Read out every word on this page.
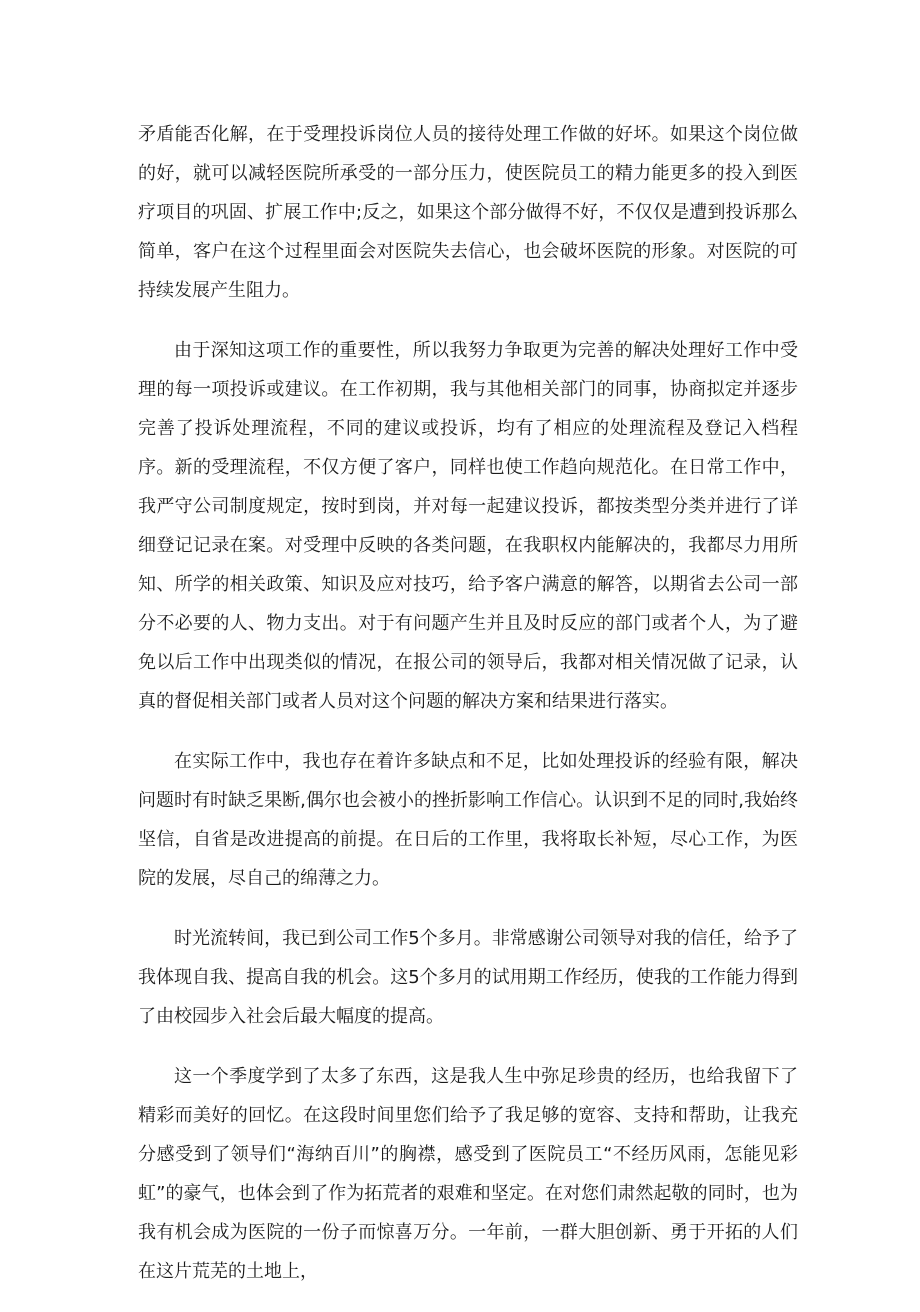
矛盾能否化解，在于受理投诉岗位人员的接待处理工作做的好坏。如果这个岗位做的好，就可以减轻医院所承受的一部分压力，使医院员工的精力能更多的投入到医疗项目的巩固、扩展工作中;反之，如果这个部分做得不好，不仅仅是遭到投诉那么简单，客户在这个过程里面会对医院失去信心，也会破坏医院的形象。对医院的可持续发展产生阻力。

由于深知这项工作的重要性，所以我努力争取更为完善的解决处理好工作中受理的每一项投诉或建议。在工作初期，我与其他相关部门的同事，协商拟定并逐步完善了投诉处理流程，不同的建议或投诉，均有了相应的处理流程及登记入档程序。新的受理流程，不仅方便了客户，同样也使工作趋向规范化。在日常工作中，我严守公司制度规定，按时到岗，并对每一起建议投诉，都按类型分类并进行了详细登记记录在案。对受理中反映的各类问题，在我职权内能解决的，我都尽力用所知、所学的相关政策、知识及应对技巧，给予客户满意的解答，以期省去公司一部分不必要的人、物力支出。对于有问题产生并且及时反应的部门或者个人，为了避免以后工作中出现类似的情况，在报公司的领导后，我都对相关情况做了记录，认真的督促相关部门或者人员对这个问题的解决方案和结果进行落实。

在实际工作中，我也存在着许多缺点和不足，比如处理投诉的经验有限，解决问题时有时缺乏果断,偶尔也会被小的挫折影响工作信心。认识到不足的同时,我始终坚信，自省是改进提高的前提。在日后的工作里，我将取长补短，尽心工作，为医院的发展，尽自己的绵薄之力。

时光流转间，我已到公司工作5个多月。非常感谢公司领导对我的信任，给予了我体现自我、提高自我的机会。这5个多月的试用期工作经历，使我的工作能力得到了由校园步入社会后最大幅度的提高。

这一个季度学到了太多了东西，这是我人生中弥足珍贵的经历，也给我留下了精彩而美好的回忆。在这段时间里您们给予了我足够的宽容、支持和帮助，让我充分感受到了领导们“海纳百川”的胸襟，感受到了医院员工“不经历风雨，怎能见彩虹”的豪气，也体会到了作为拓荒者的艰难和坚定。在对您们肃然起敬的同时，也为我有机会成为医院的一份子而惊喜万分。一年前，一群大胆创新、勇于开拓的人们在这片荒芜的土地上，
